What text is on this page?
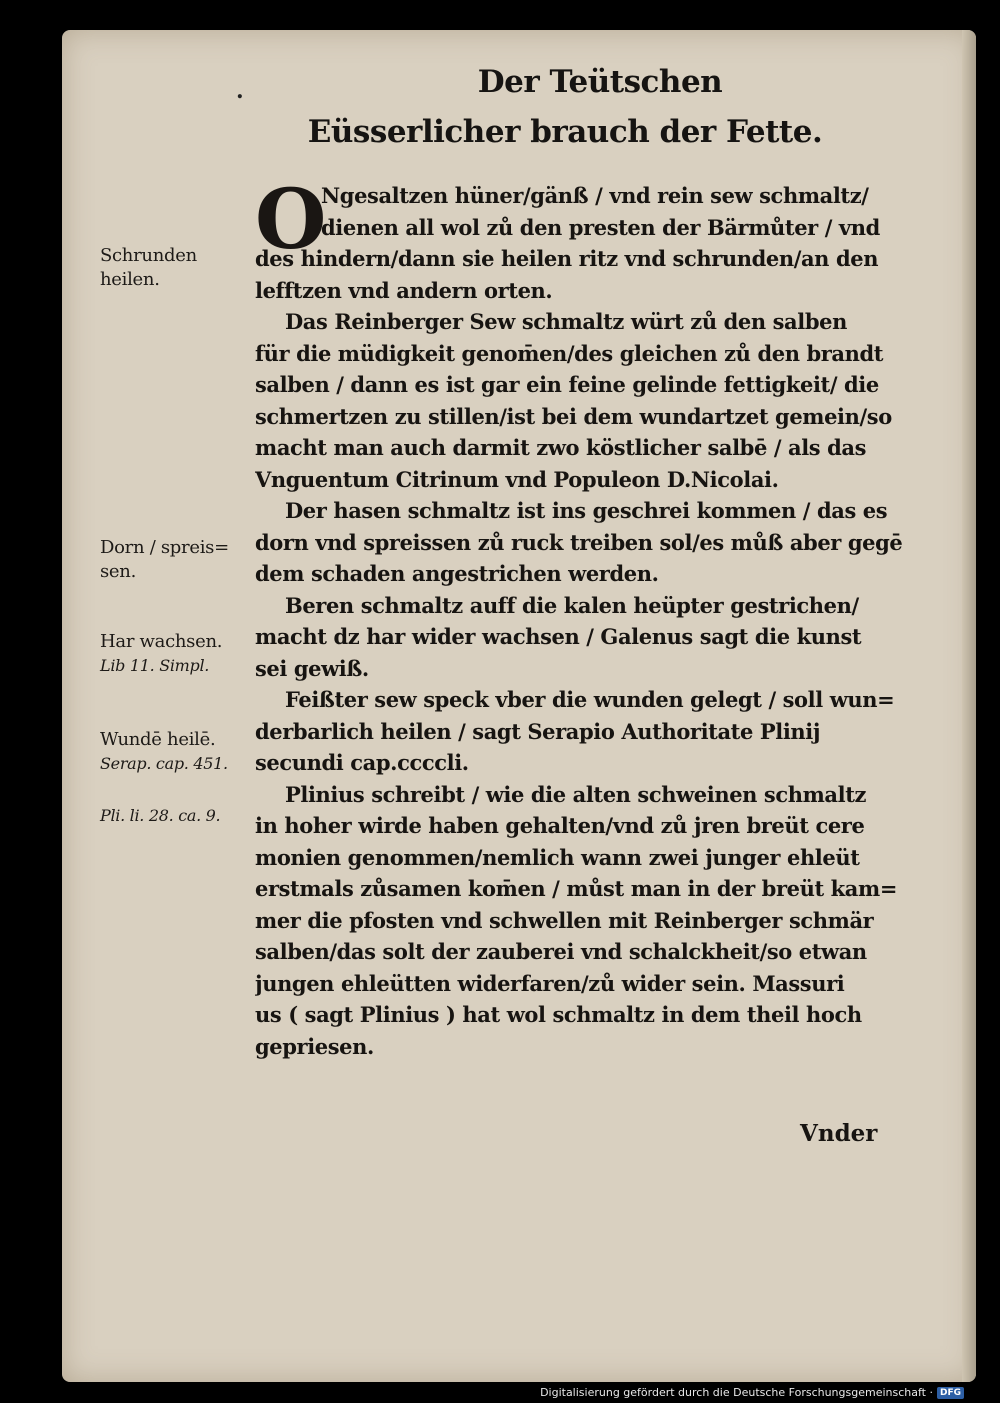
.	Der Teütschen
Eüsserlicher brauch der Fette.
O
Ngesaltzen hüner/gänß / vnd rein sew schmaltz/
dienen all wol zů den presten der Bärmůter / vnd
des hindern/dann sie heilen ritz vnd schrunden/an den
lefftzen vnd andern orten.
Das Reinberger Sew schmaltz würt zů den salben
für die müdigkeit genom̄en/des gleichen zů den brandt
salben / dann es ist gar ein feine gelinde fettigkeit/ die
schmertzen zu stillen/ist bei dem wundartzet gemein/so
macht man auch darmit zwo köstlicher salbē / als das
Vnguentum Citrinum vnd Populeon D.Nicolai.
Der hasen schmaltz ist ins geschrei kommen / das es
dorn vnd spreissen zů ruck treiben sol/es můß aber gegē
dem schaden angestrichen werden.
Beren schmaltz auff die kalen heüpter gestrichen/
macht dz har wider wachsen / Galenus sagt die kunst
sei gewiß.
Feißter sew speck vber die wunden gelegt / soll wun=
derbarlich heilen / sagt Serapio Authoritate Plinij
secundi cap.ccccli.
Plinius schreibt / wie die alten schweinen schmaltz
in hoher wirde haben gehalten/vnd zů jren breüt cere
monien genommen/nemlich wann zwei junger ehleüt
erstmals zůsamen kom̄en / můst man in der breüt kam=
mer die pfosten vnd schwellen mit Reinberger schmär
salben/das solt der zauberei vnd schalckheit/so etwan
jungen ehleütten widerfaren/zů wider sein. Massuri
us ( sagt Plinius ) hat wol schmaltz in dem theil hoch
gepriesen.
Schrunden heilen.
Dorn / spreis= sen.
Har wachsen.
Lib 11. Simpl.
Wundē heilē.
Serap. cap. 451.
Pli. li. 28. ca. 9.
Vnder
Digitalisierung gefördert durch die Deutsche Forschungsgemeinschaft · DFG
